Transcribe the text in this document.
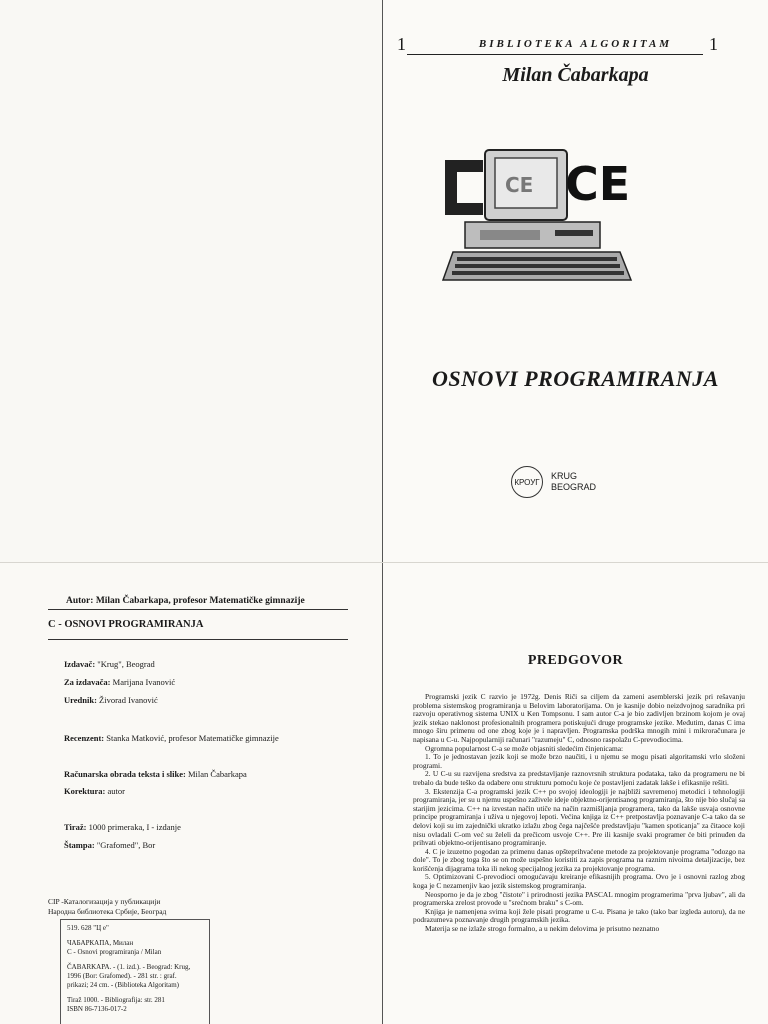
1	1
BIBLIOTEKA ALGORITAM
Milan Čabarkapa
CE CE
OSNOVI PROGRAMIRANJA
КРОУГ
KRUG
BEOGRAD
Autor: Milan Čabarkapa, profesor Matematičke gimnazije
C - OSNOVI PROGRAMIRANJA
Izdavač: "Krug", Beograd
Za izdavača: Marijana Ivanović
Urednik: Živorad Ivanović
Recenzent: Stanka Matković, profesor Matematičke gimnazije
Računarska obrada teksta i slike: Milan Čabarkapa
Korektura: autor
Tiraž: 1000 primeraka, I - izdanje
Štampa: "Grafomed", Bor
CIP -Каталогизација у публикацији
Народна библиотека Србије, Београд
519. 628 "Ц е"
ЧАБАРКАПА, Милан
C - Osnovi programiranja / Milan
ČABARKAPA. - (1. izd.). - Beograd: Krug,
1996 (Bor: Grafomed). - 281 str. : graf.
prikazi; 24 cm. - (Biblioteka Algoritam)
Tiraž 1000. - Bibliografija: str. 281
ISBN 86-7136-017-2
PREDGOVOR

Programski jezik C razvio je 1972g. Denis Riči sa ciljem da zameni asemblerski jezik pri rešavanju problema sistemskog programiranja u Belovim laboratorijama. On je kasnije dobio neizdvojnog saradnika pri razvoju operativnog sistema UNIX u Ken Tompsonu. I sam autor C-a je bio zadivljen brzinom kojom je ovaj jezik stekao naklonost profesionalnih programera potiskujući druge programske jezike. Međutim, danas C ima mnogo širu primenu od one zbog koje je i napravljen. Programska podrška mnogih mini i mikroračunara je napisana u C-u. Najpopularniji računari "razumeju" C, odnosno raspolažu C-prevodiocima.

Ogromna popularnost C-a se može objasniti sledećim činjenicama:

1. To je jednostavan jezik koji se može brzo naučiti, i u njemu se mogu pisati algoritamski vrlo složeni programi.

2. U C-u su razvijena sredstva za predstavljanje raznovrsnih struktura podataka, tako da programeru ne bi trebalo da bude teško da odabere onu strukturu pomoću koje će postavljeni zadatak lakše i efikasnije rešiti.

3. Ekstenzija C-a programski jezik C++ po svojoj ideologiji je najbliži savremenoj metodici i tehnologiji programiranja, jer su u njemu uspešno zaživele ideje objektno-orijentisanog programiranja, što nije bio slučaj sa starijim jezicima. C++ na izvestan način utiče na način razmišljanja programera, tako da lakše usvaja osnovne principe programiranja i uživa u njegovoj lepoti. Većina knjiga iz C++ pretpostavlja poznavanje C-a tako da se delovi koji su im zajednički ukratko izlažu zbog čega najčešće predstavljaju "kamen spoticanja" za čitaoce koji nisu ovladali C-om već su želeli da prečicom usvoje C++. Pre ili kasnije svaki programer će biti prinuđen da prihvati objektno-orijentisano programiranje.

4. C je izuzetno pogodan za primenu danas opšteprihvaćene metode za projektovanje programa "odozgo na dole". To je zbog toga što se on može uspešno koristiti za zapis programa na raznim nivoima detaljizacije, bez korišćenja dijagrama toka ili nekog specijalnog jezika za projektovanje programa.

5. Optimizovani C-prevodioci omogućavaju kreiranje efikasnijih programa. Ovo je i osnovni razlog zbog koga je C nezamenjiv kao jezik sistemskog programiranja.

Neosporno je da je zbog "čistote" i prirodnosti jezika PASCAL mnogim programerima "prva ljubav", ali da programerska zrelost provode u "srećnom braku" s C-om.

Knjiga je namenjena svima koji žele pisati programe u C-u. Pisana je tako (tako bar izgleda autoru), da ne podrazumeva poznavanje drugih programskih jezika.

Materija se ne izlaže strogo formalno, a u nekim delovima je prisutno neznatno
